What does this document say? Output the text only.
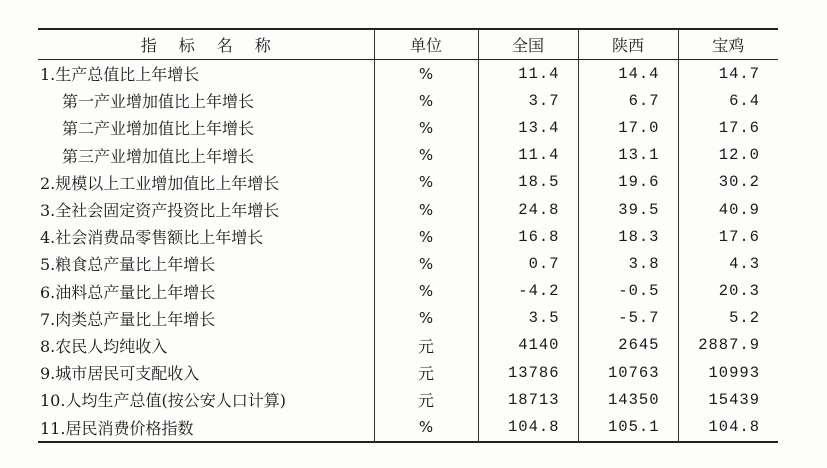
指标名称	单位	全国	陕西	宝鸡
1.生产总值比上年增长	%	11.4	14.4	14.7
第一产业增加值比上年增长	%	3.7	6.7	6.4
第二产业增加值比上年增长	%	13.4	17.0	17.6
第三产业增加值比上年增长	%	11.4	13.1	12.0
2.规模以上工业增加值比上年增长	%	18.5	19.6	30.2
3.全社会固定资产投资比上年增长	%	24.8	39.5	40.9
4.社会消费品零售额比上年增长	%	16.8	18.3	17.6
5.粮食总产量比上年增长	%	0.7	3.8	4.3
6.油料总产量比上年增长	%	-4.2	-0.5	20.3
7.肉类总产量比上年增长	%	3.5	-5.7	5.2
8.农民人均纯收入	元	4140	2645	2887.9
9.城市居民可支配收入	元	13786	10763	10993
10.人均生产总值(按公安人口计算)	元	18713	14350	15439
11.居民消费价格指数	%	104.8	105.1	104.8
